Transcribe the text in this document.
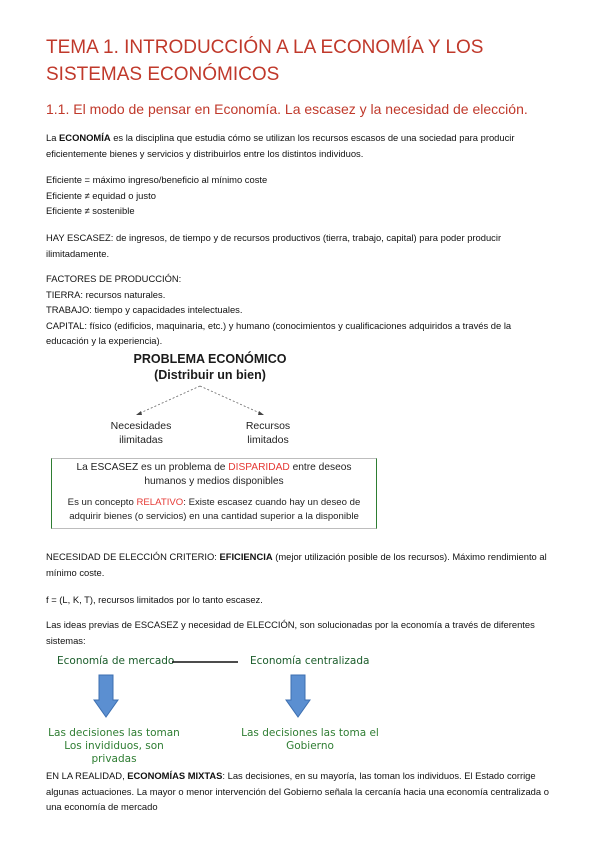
TEMA 1. INTRODUCCIÓN A LA ECONOMÍA Y LOS SISTEMAS ECONÓMICOS
1.1. El modo de pensar en Economía. La escasez y la necesidad de elección.
La ECONOMÍA es la disciplina que estudia cómo se utilizan los recursos escasos de una sociedad para producir eficientemente bienes y servicios y distribuirlos entre los distintos individuos.
Eficiente = máximo ingreso/beneficio al mínimo coste
Eficiente ≠ equidad o justo
Eficiente ≠ sostenible
HAY ESCASEZ: de ingresos, de tiempo y de recursos productivos (tierra, trabajo, capital) para poder producir ilimitadamente.
FACTORES DE PRODUCCIÓN:
TIERRA: recursos naturales.
TRABAJO: tiempo y capacidades intelectuales.
CAPITAL: físico (edificios, maquinaria, etc.) y humano (conocimientos y cualificaciones adquiridos a través de la educación y la experiencia).
PROBLEMA ECONÓMICO
(Distribuir un bien)
Necesidades
ilimitadas
Recursos
limitados

La ESCASEZ es un problema de DISPARIDAD entre deseos

humanos y medios disponibles

Es un concepto RELATIVO: Existe escasez cuando hay un deseo de

adquirir bienes (o servicios) en una cantidad superior a la disponible

NECESIDAD DE ELECCIÓN CRITERIO: EFICIENCIA (mejor utilización posible de los recursos). Máximo rendimiento al mínimo coste.
f = (L, K, T), recursos limitados por lo tanto escasez.
Las ideas previas de ESCASEZ y necesidad de ELECCIÓN, son solucionadas por la economía a través de diferentes sistemas:
Economía de mercado	Economía centralizada
Las decisiones las toman
Los invididuos, son privadas
Las decisiones las toma el
Gobierno
EN LA REALIDAD, ECONOMÍAS MIXTAS: Las decisiones, en su mayoría, las toman los individuos. El Estado corrige algunas actuaciones. La mayor o menor intervención del Gobierno señala la cercanía hacia una economía centralizada o una economía de mercado
